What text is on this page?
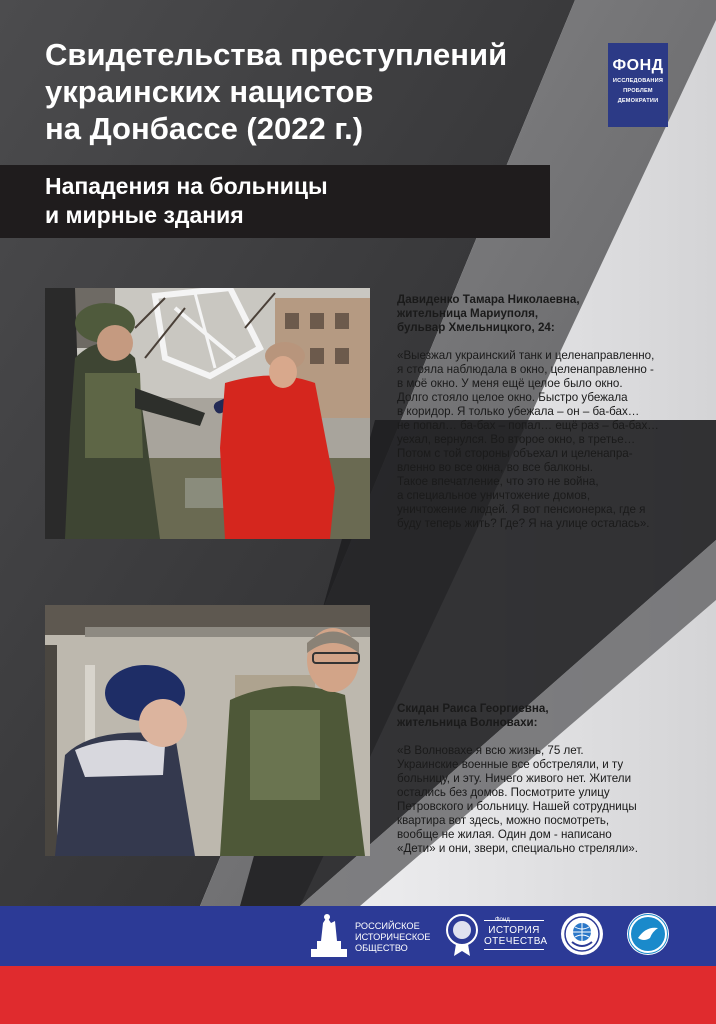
Свидетельства преступлений
украинских нацистов
на Донбассе (2022 г.)
ФОНД
ИССЛЕДОВАНИЯ
ПРОБЛЕМ
ДЕМОКРАТИИ
Нападения на больницы
и мирные здания

Давиденко Тамара Николаевна,
жительница Мариуполя,
бульвар Хмельницкого, 24:

«Выезжал украинский танк и целенаправленно,
я стояла наблюдала в окно, целенаправленно -
в моё окно. У меня ещё целое было окно.
Долго стояло целое окно. Быстро убежала
в коридор. Я только убежала – он – ба-бах…
не попал… ба-бах – попал… ещё раз – ба-бах…
уехал, вернулся. Во второе окно, в третье…
Потом с той стороны объехал и целенапра-
вленно во все окна, во все балконы.
Такое впечатление, что это не война,
а специальное уничтожение домов,
уничтожение людей. Я вот пенсионерка, где я
буду теперь жить? Где? Я на улице осталась».

Скидан Раиса Георгиевна,
жительница Волновахи:

«В Волновахе я всю жизнь, 75 лет.
Украинские военные все обстреляли, и ту
больницу, и эту. Ничего живого нет. Жители
остались без домов. Посмотрите улицу
Петровского и больницу. Нашей сотрудницы
квартира вот здесь, можно посмотреть,
вообще не жилая. Один дом - написано
«Дети» и они, звери, специально стреляли».

РОССИЙСКОЕ
ИСТОРИЧЕСКОЕ
ОБЩЕСТВО
Фонд
ИСТОРИЯ
ОТЕЧЕСТВА
